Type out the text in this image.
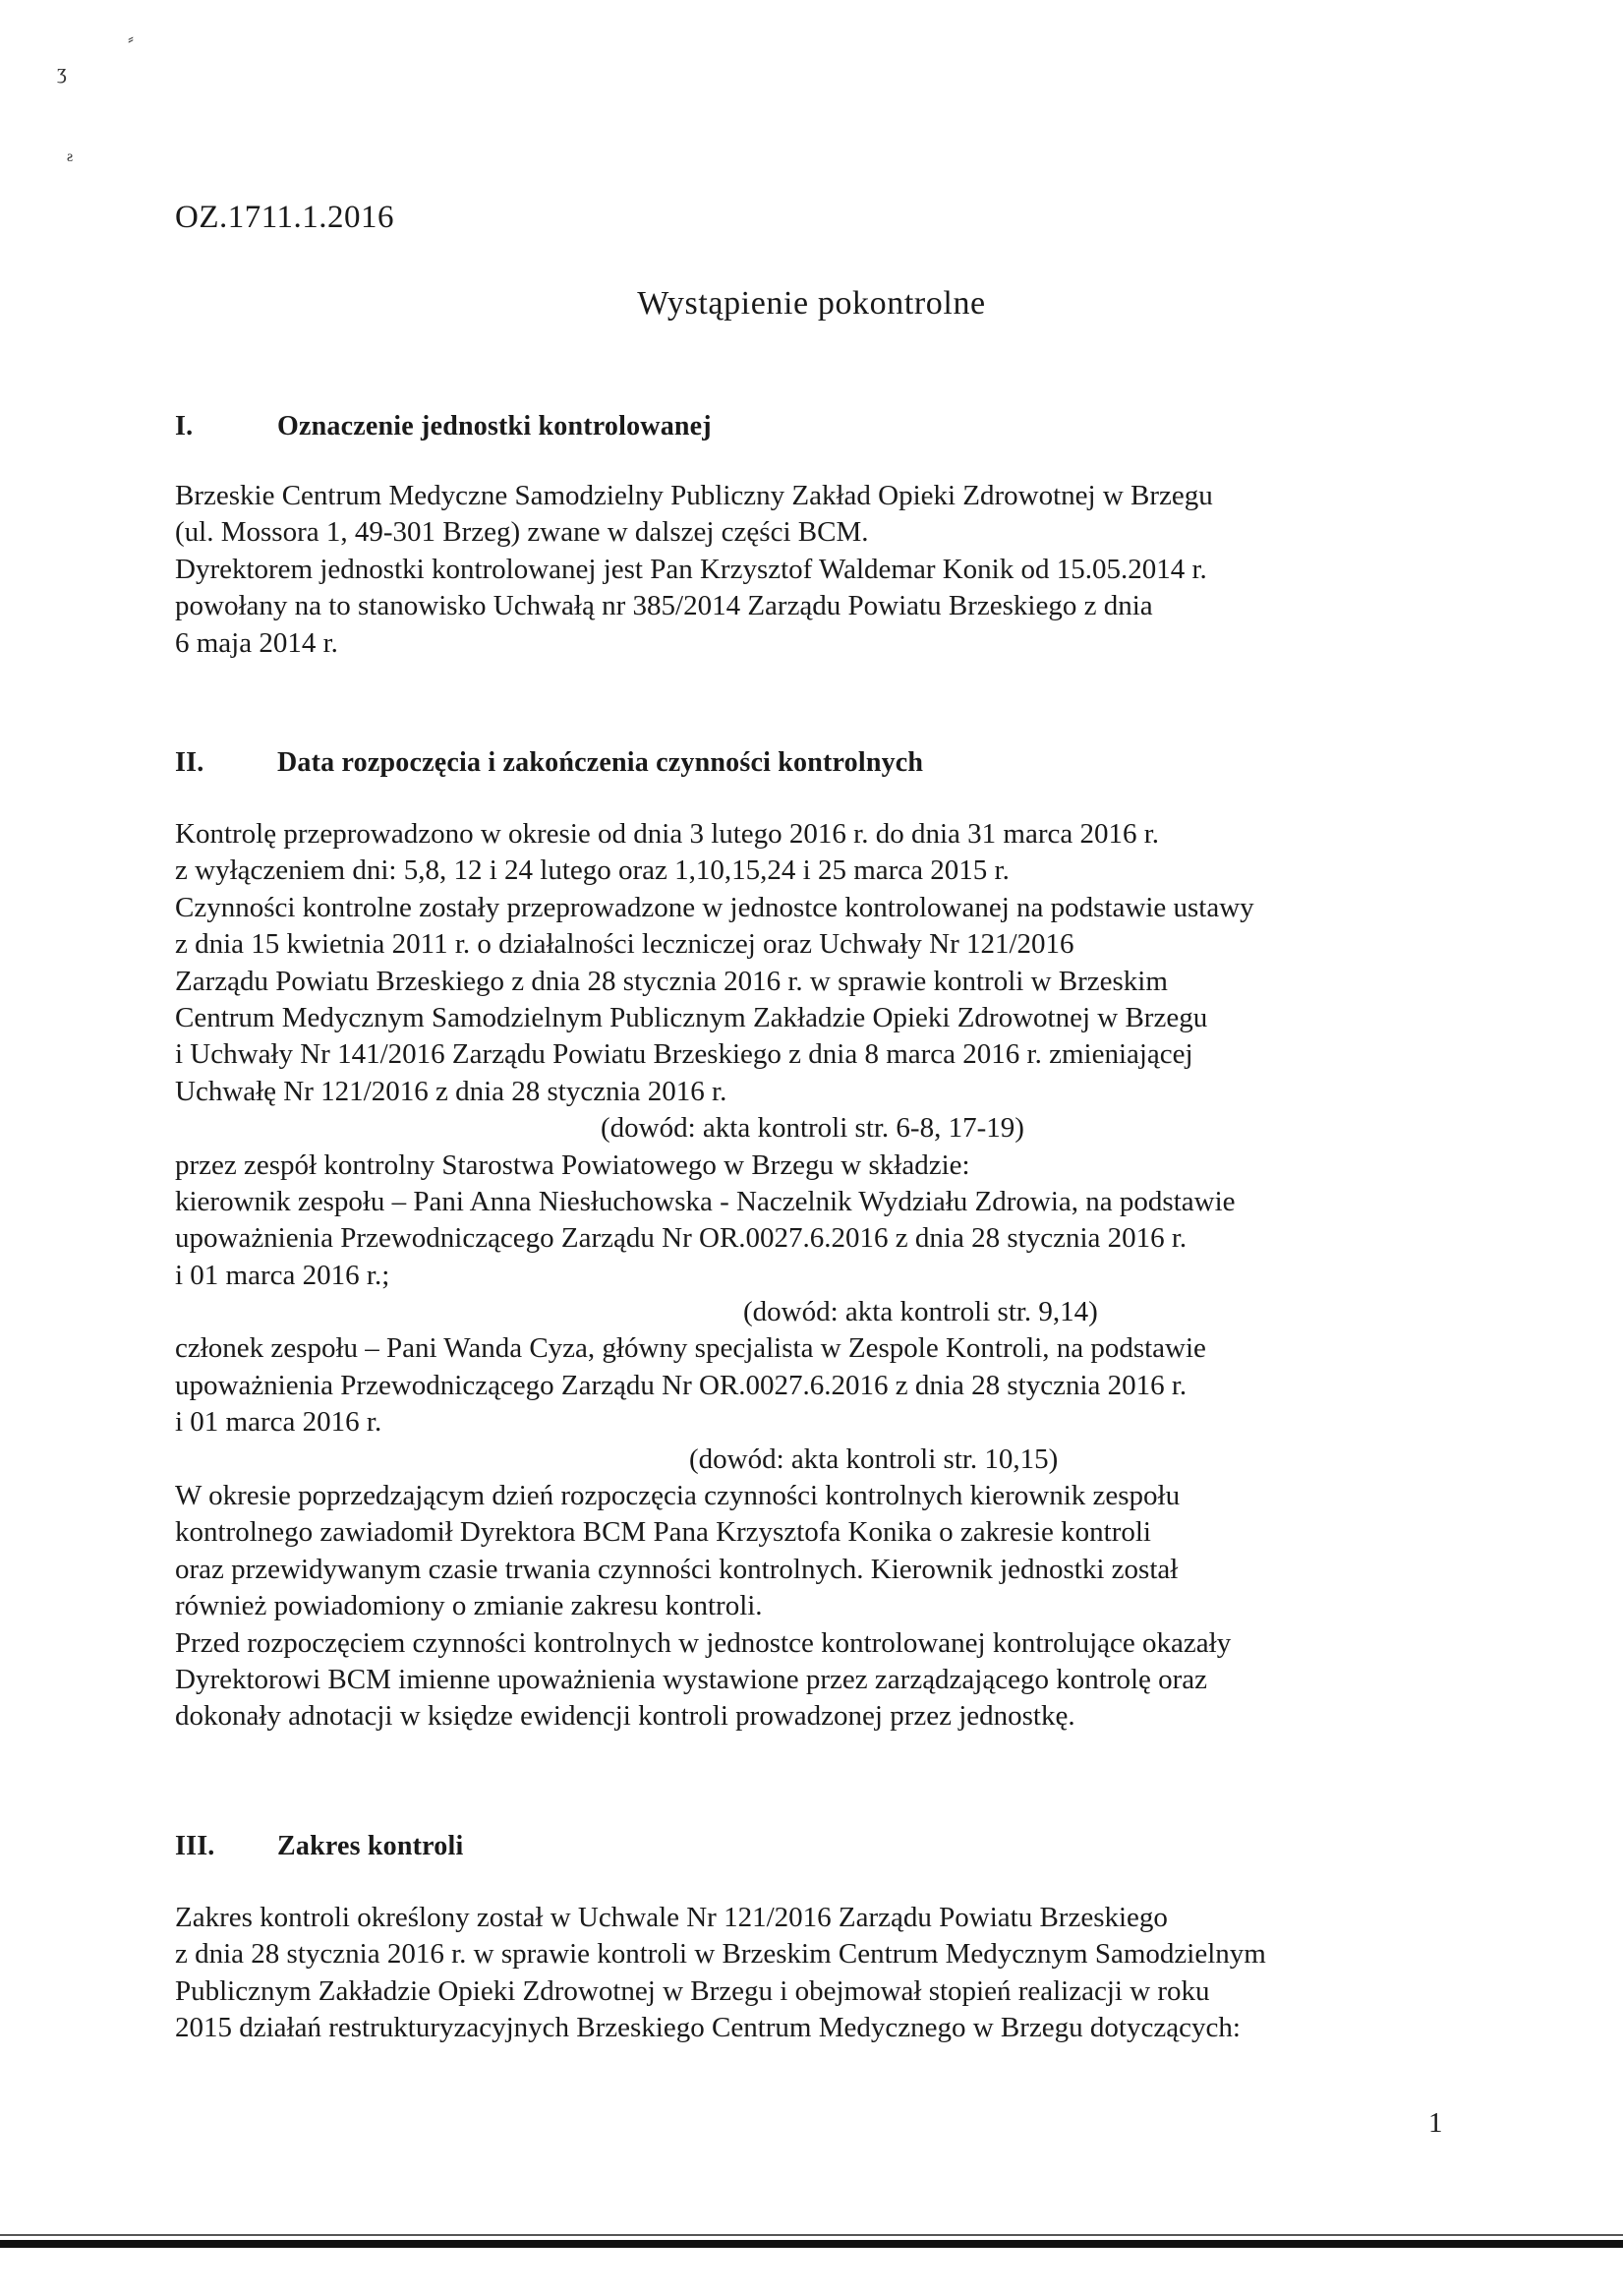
ʒ
⸗
ƨ
OZ.1711.1.2016
Wystąpienie pokontrolne
I.	Oznaczenie jednostki kontrolowanej
Brzeskie Centrum Medyczne Samodzielny Publiczny Zakład Opieki Zdrowotnej w Brzegu
(ul. Mossora 1, 49-301 Brzeg) zwane w dalszej części BCM.
Dyrektorem jednostki kontrolowanej jest Pan Krzysztof Waldemar Konik od 15.05.2014 r.
powołany na to stanowisko Uchwałą nr 385/2014 Zarządu Powiatu Brzeskiego z dnia
6 maja 2014 r.
II.	Data rozpoczęcia i zakończenia czynności kontrolnych
Kontrolę przeprowadzono w okresie od dnia 3 lutego 2016 r. do dnia 31 marca 2016 r.
z wyłączeniem dni: 5,8, 12 i 24 lutego oraz 1,10,15,24 i 25 marca 2015 r.
Czynności kontrolne zostały przeprowadzone w jednostce kontrolowanej na podstawie ustawy
z dnia 15 kwietnia 2011 r. o działalności leczniczej oraz Uchwały Nr 121/2016
Zarządu Powiatu Brzeskiego z dnia 28 stycznia 2016 r. w sprawie kontroli w Brzeskim
Centrum Medycznym Samodzielnym Publicznym Zakładzie Opieki Zdrowotnej w Brzegu
i Uchwały Nr 141/2016 Zarządu Powiatu Brzeskiego z dnia 8 marca 2016 r. zmieniającej
Uchwałę Nr 121/2016 z dnia 28 stycznia 2016 r.
(dowód: akta kontroli str. 6-8, 17-19)
przez zespół kontrolny Starostwa Powiatowego w Brzegu w składzie:
kierownik zespołu – Pani Anna Niesłuchowska - Naczelnik Wydziału Zdrowia, na podstawie
upoważnienia Przewodniczącego Zarządu Nr OR.0027.6.2016 z dnia 28 stycznia 2016 r.
i 01 marca 2016 r.;
(dowód: akta kontroli str. 9,14)
członek zespołu – Pani Wanda Cyza, główny specjalista w Zespole Kontroli, na podstawie
upoważnienia Przewodniczącego Zarządu Nr OR.0027.6.2016 z dnia 28 stycznia 2016 r.
i 01 marca 2016 r.
(dowód: akta kontroli str. 10,15)
W okresie poprzedzającym dzień rozpoczęcia czynności kontrolnych kierownik zespołu
kontrolnego zawiadomił Dyrektora BCM Pana Krzysztofa Konika o zakresie kontroli
oraz przewidywanym czasie trwania czynności kontrolnych. Kierownik jednostki został
również powiadomiony o zmianie zakresu kontroli.
Przed rozpoczęciem czynności kontrolnych w jednostce kontrolowanej kontrolujące okazały
Dyrektorowi BCM imienne upoważnienia wystawione przez zarządzającego kontrolę oraz
dokonały adnotacji w księdze ewidencji kontroli prowadzonej przez jednostkę.
III. Zakres kontroli
Zakres kontroli określony został w Uchwale Nr 121/2016 Zarządu Powiatu Brzeskiego
z dnia 28 stycznia 2016 r. w sprawie kontroli w Brzeskim Centrum Medycznym Samodzielnym
Publicznym Zakładzie Opieki Zdrowotnej w Brzegu i obejmował stopień realizacji w roku
2015 działań restrukturyzacyjnych Brzeskiego Centrum Medycznego w Brzegu dotyczących:
1
